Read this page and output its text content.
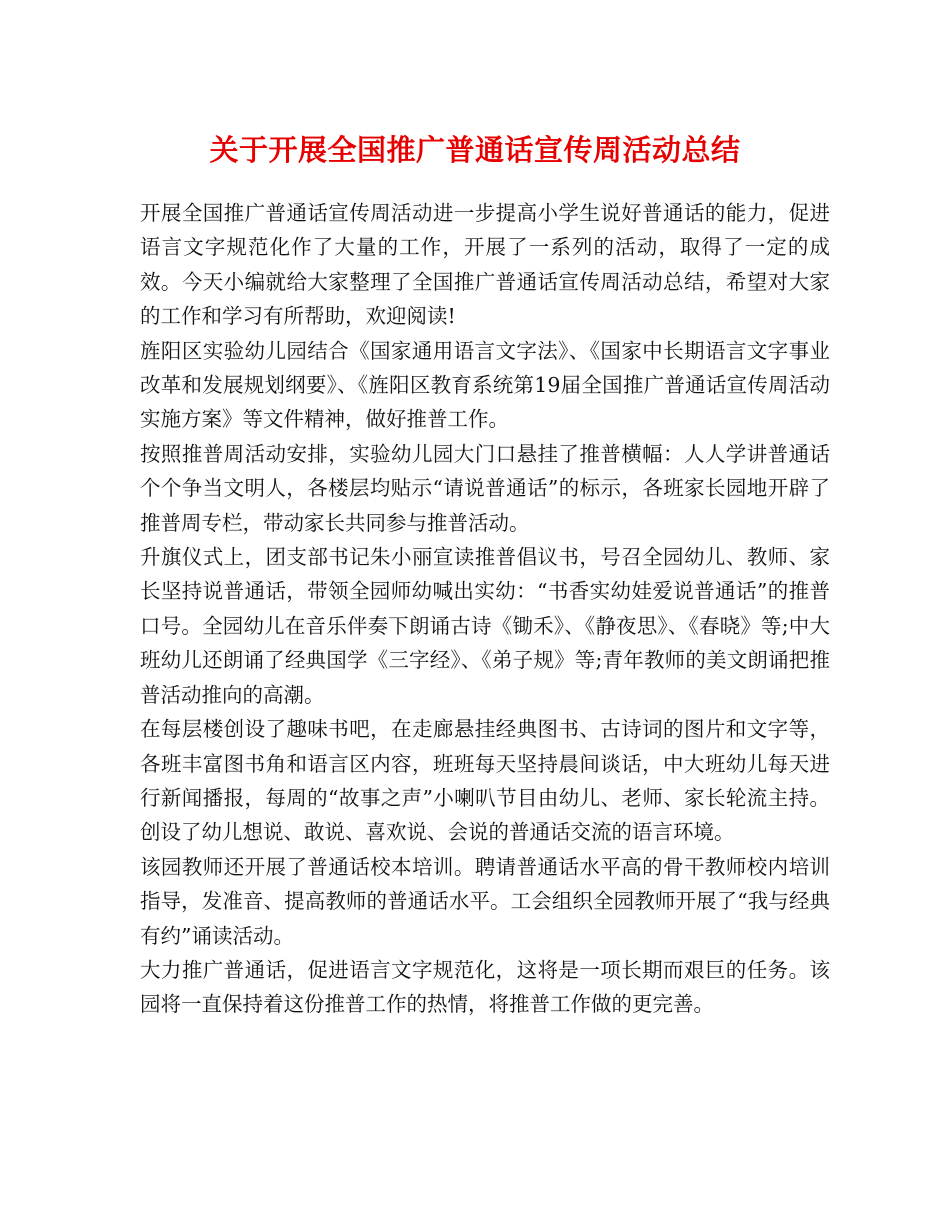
关于开展全国推广普通话宣传周活动总结

开展全国推广普通话宣传周活动进一步提高小学生说好普通话的能力，促进语言文字规范化作了大量的工作，开展了一系列的活动，取得了一定的成效。今天小编就给大家整理了全国推广普通话宣传周活动总结，希望对大家的工作和学习有所帮助，欢迎阅读!

旌阳区实验幼儿园结合《国家通用语言文字法》、《国家中长期语言文字事业改革和发展规划纲要》、《旌阳区教育系统第19届全国推广普通话宣传周活动实施方案》等文件精神，做好推普工作。

按照推普周活动安排，实验幼儿园大门口悬挂了推普横幅：人人学讲普通话个个争当文明人，各楼层均贴示“请说普通话”的标示，各班家长园地开辟了推普周专栏，带动家长共同参与推普活动。

升旗仪式上，团支部书记朱小丽宣读推普倡议书，号召全园幼儿、教师、家长坚持说普通话，带领全园师幼喊出实幼：“书香实幼娃爱说普通话”的推普口号。全园幼儿在音乐伴奏下朗诵古诗《锄禾》、《静夜思》、《春晓》等;中大班幼儿还朗诵了经典国学《三字经》、《弟子规》等;青年教师的美文朗诵把推普活动推向的高潮。

在每层楼创设了趣味书吧，在走廊悬挂经典图书、古诗词的图片和文字等，各班丰富图书角和语言区内容，班班每天坚持晨间谈话，中大班幼儿每天进行新闻播报，每周的“故事之声”小喇叭节目由幼儿、老师、家长轮流主持。创设了幼儿想说、敢说、喜欢说、会说的普通话交流的语言环境。

该园教师还开展了普通话校本培训。聘请普通话水平高的骨干教师校内培训指导，发准音、提高教师的普通话水平。工会组织全园教师开展了“我与经典有约”诵读活动。

大力推广普通话，促进语言文字规范化，这将是一项长期而艰巨的任务。该园将一直保持着这份推普工作的热情，将推普工作做的更完善。
